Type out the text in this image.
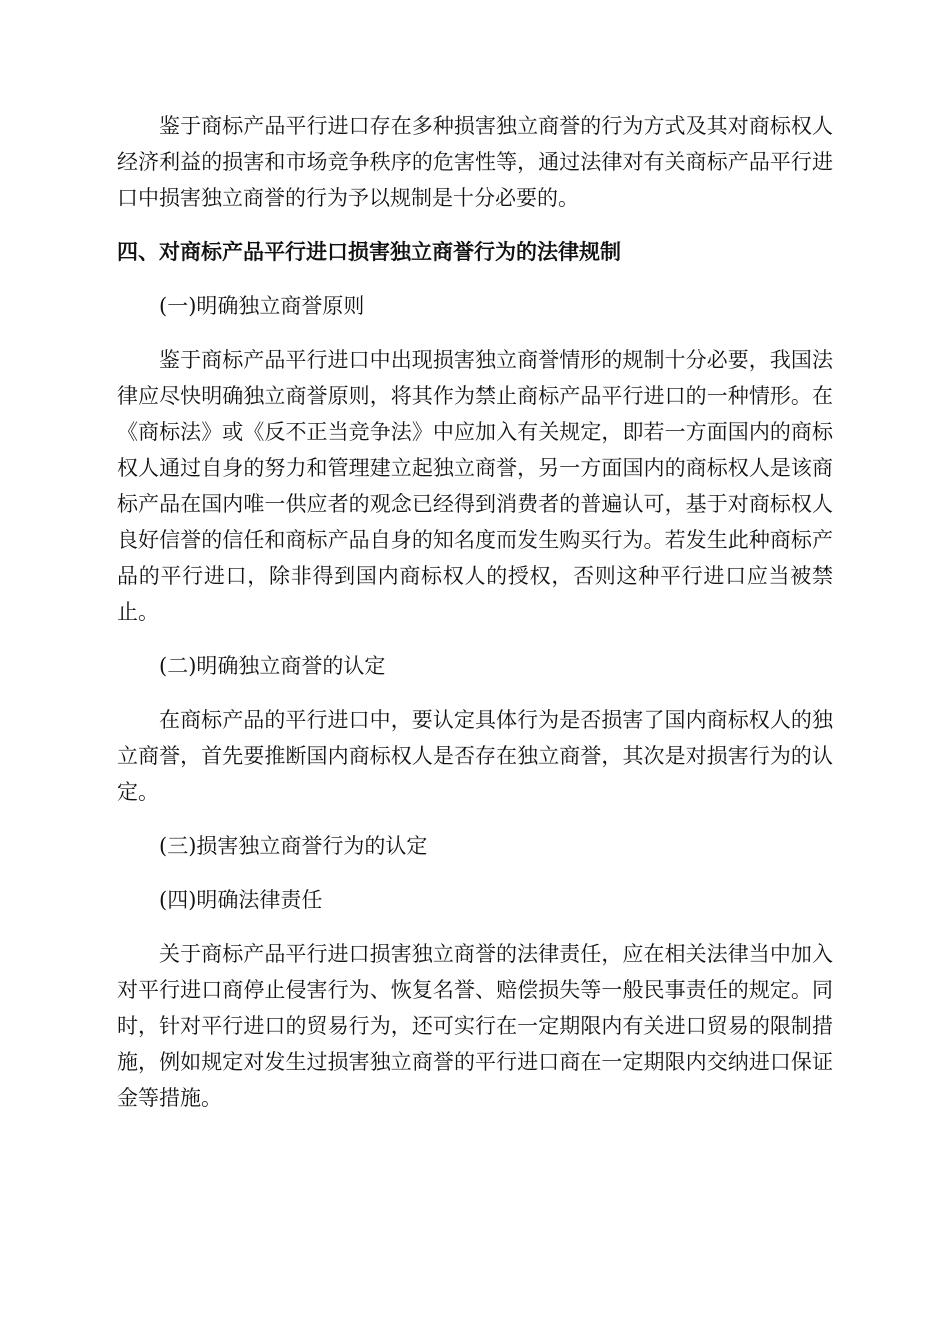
鉴于商标产品平行进口存在多种损害独立商誉的行为方式及其对商标权人经济利益的损害和市场竞争秩序的危害性等，通过法律对有关商标产品平行进口中损害独立商誉的行为予以规制是十分必要的。

四、对商标产品平行进口损害独立商誉行为的法律规制

(一)明确独立商誉原则

鉴于商标产品平行进口中出现损害独立商誉情形的规制十分必要，我国法律应尽快明确独立商誉原则，将其作为禁止商标产品平行进口的一种情形。在《商标法》或《反不正当竞争法》中应加入有关规定，即若一方面国内的商标权人通过自身的努力和管理建立起独立商誉，另一方面国内的商标权人是该商标产品在国内唯一供应者的观念已经得到消费者的普遍认可，基于对商标权人良好信誉的信任和商标产品自身的知名度而发生购买行为。若发生此种商标产品的平行进口，除非得到国内商标权人的授权，否则这种平行进口应当被禁止。

(二)明确独立商誉的认定

在商标产品的平行进口中，要认定具体行为是否损害了国内商标权人的独立商誉，首先要推断国内商标权人是否存在独立商誉，其次是对损害行为的认定。

(三)损害独立商誉行为的认定

(四)明确法律责任

关于商标产品平行进口损害独立商誉的法律责任，应在相关法律当中加入对平行进口商停止侵害行为、恢复名誉、赔偿损失等一般民事责任的规定。同时，针对平行进口的贸易行为，还可实行在一定期限内有关进口贸易的限制措施，例如规定对发生过损害独立商誉的平行进口商在一定期限内交纳进口保证金等措施。
